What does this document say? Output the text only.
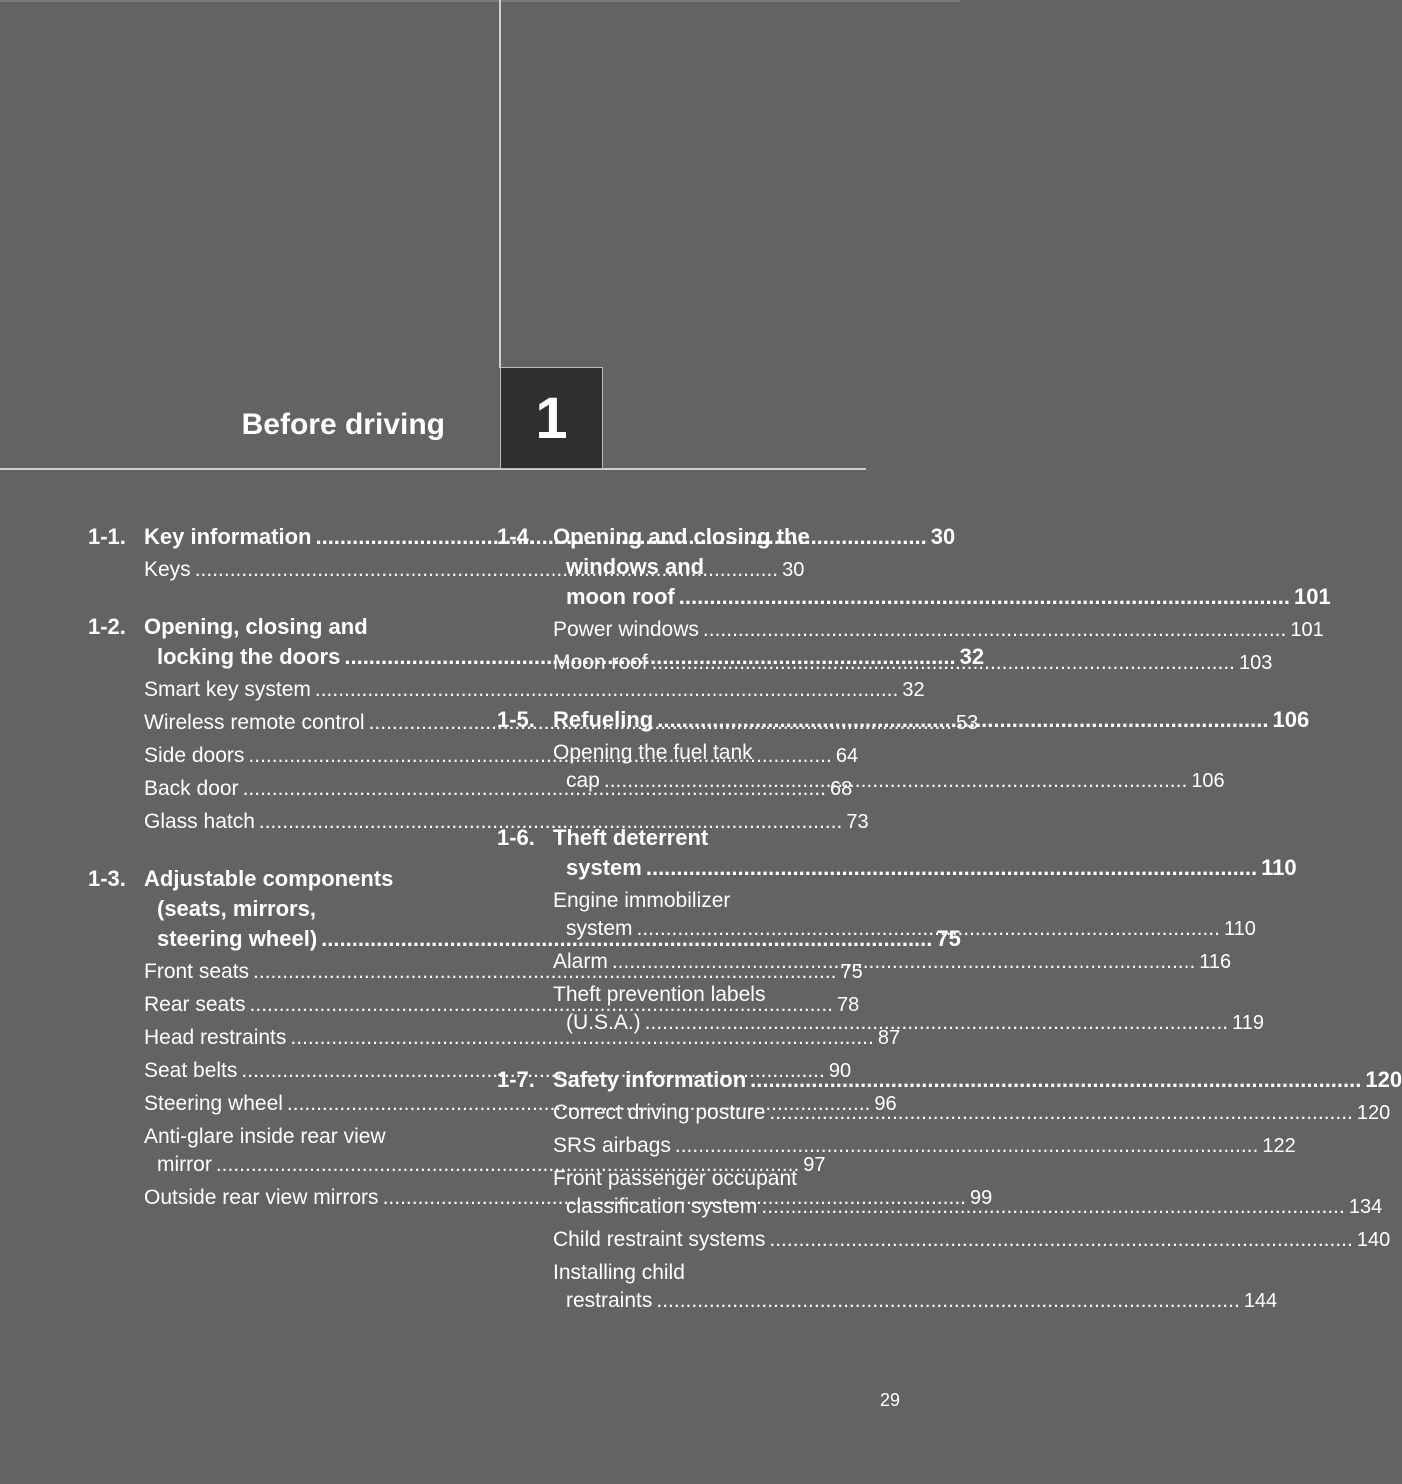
Before driving	1
1-1. Key information .....	30
Keys .....	30
1-2. Opening, closing and
locking the doors .....	32
Smart key system .....	32
Wireless remote control .....	53
Side doors .....	64
Back door .....	68
Glass hatch .....	73
1-3. Adjustable components
(seats, mirrors,
steering wheel) .....	75
Front seats .....	75
Rear seats .....	78
Head restraints .....	87
Seat belts .....	90
Steering wheel .....	96
Anti-glare inside rear view
mirror .....	97
Outside rear view mirrors .....	99
1-4. Opening and closing the
windows and
moon roof .....	101
Power windows .....	101
Moon roof .....	103
1-5. Refueling .....	106
Opening the fuel tank
cap .....	106
1-6. Theft deterrent
system .....	110
Engine immobilizer
system .....	110
Alarm .....	116
Theft prevention labels
(U.S.A.) .....	119
1-7. Safety information .....	120
Correct driving posture .....	120
SRS airbags .....	122
Front passenger occupant
classification system .....	134
Child restraint systems .....	140
Installing child
restraints .....	144
29
